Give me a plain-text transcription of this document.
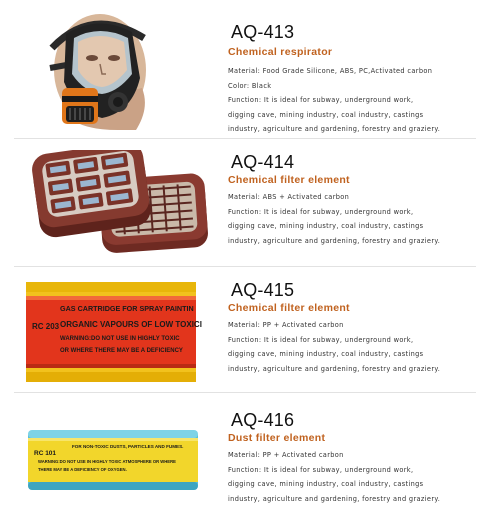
AQ-413
Chemical respirator
Material: Food Grade Silicone, ABS, PC,Activated carbon
Color: Black
Function: It is ideal for subway, underground work,
digging cave, mining industry, coal industry, castings
industry, agriculture and gardening, forestry and graziery.
AQ-414
Chemical filter element
Material: ABS + Activated carbon
Function: It is ideal for subway, underground work,
digging cave, mining industry, coal industry, castings
industry, agriculture and gardening, forestry and graziery.
GAS CARTRIDGE FOR SPRAY PAINTIN
RC 203 ORGANIC VAPOURS OF LOW TOXICI
WARNING:DO NOT USE IN HIGHLY TOXIC
OR WHERE THERE MAY BE A DEFICIENCY
AQ-415
Chemical filter element
Material: PP + Activated carbon
Function: It is ideal for subway, underground work,
digging cave, mining industry, coal industry, castings
industry, agriculture and gardening, forestry and graziery.
RC 101
FOR NON-TOXIC DUSTS, PARTICLES AND FUMES.
WARNING:DO NOT USE IN HIGHLY TOXIC ATMOSPHERE OR WHERE
THERE MAY BE A DEFICIENCY OF OXYGEN.
AQ-416
Dust filter element
Material: PP + Activated carbon
Function: It is ideal for subway, underground work,
digging cave, mining industry, coal industry, castings
industry, agriculture and gardening, forestry and graziery.
